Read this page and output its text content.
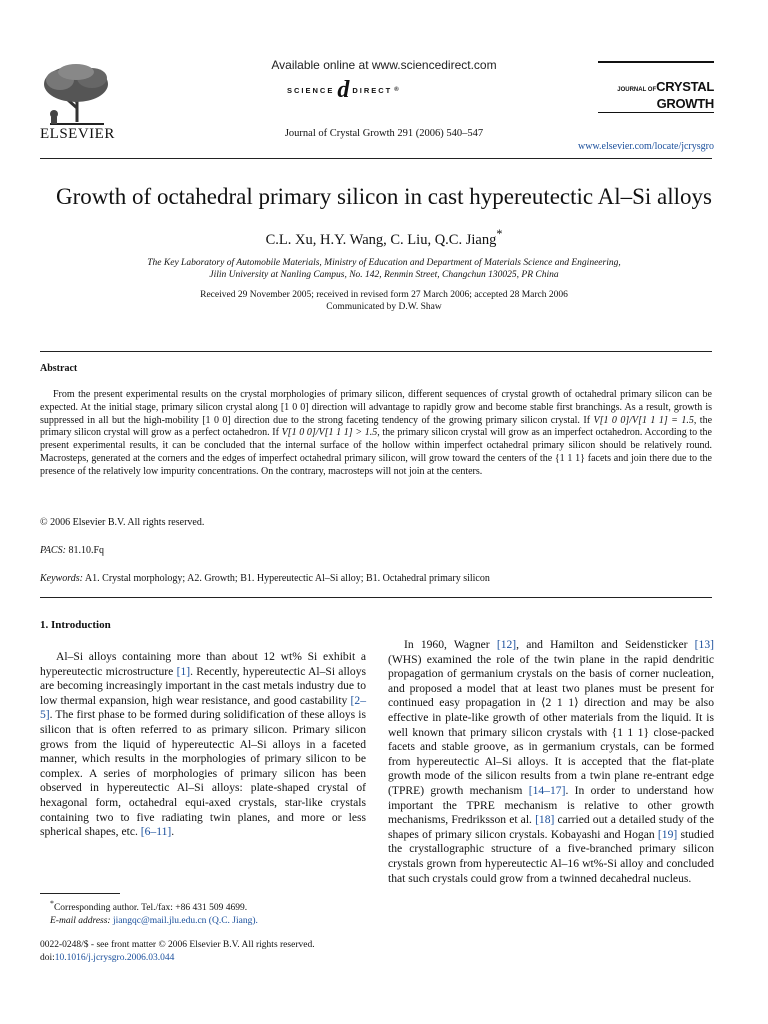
ELSEVIER
Available online at www.sciencedirect.com
SCIENCE d DIRECT ®
Journal of Crystal Growth 291 (2006) 540–547
JOURNAL OFCRYSTAL
GROWTH
www.elsevier.com/locate/jcrysgro
Growth of octahedral primary silicon in cast hypereutectic Al–Si alloys
C.L. Xu, H.Y. Wang, C. Liu, Q.C. Jiang*
The Key Laboratory of Automobile Materials, Ministry of Education and Department of Materials Science and Engineering,
Jilin University at Nanling Campus, No. 142, Renmin Street, Changchun 130025, PR China
Received 29 November 2005; received in revised form 27 March 2006; accepted 28 March 2006
Communicated by D.W. Shaw
Abstract

From the present experimental results on the crystal morphologies of primary silicon, different sequences of crystal growth of octahedral primary silicon can be expected. At the initial stage, primary silicon crystal along [1 0 0] direction will advantage to rapidly grow and become stable first branchings. As a result, growth is suppressed in all but the high-mobility [1 0 0] direction due to the strong faceting tendency of the growing primary silicon crystal. If V[1 0 0]/V[1 1 1] = 1.5, the primary silicon crystal will grow as a perfect octahedron. If V[1 0 0]/V[1 1 1] > 1.5, the primary silicon crystal will grow as an imperfect octahedron. According to the present experimental results, it can be concluded that the internal surface of the hollow within imperfect octahedral primary silicon should be relatively round. Macrosteps, generated at the corners and the edges of imperfect octahedral primary silicon, will grow toward the centers of the {1 1 1} facets and join there due to the presence of the relatively low impurity concentrations. On the contrary, macrosteps will not join at the centers.

© 2006 Elsevier B.V. All rights reserved.
PACS: 81.10.Fq
Keywords: A1. Crystal morphology; A2. Growth; B1. Hypereutectic Al–Si alloy; B1. Octahedral primary silicon
1. Introduction

Al–Si alloys containing more than about 12 wt% Si exhibit a hypereutectic microstructure [1]. Recently, hypereutectic Al–Si alloys are becoming increasingly important in the cast metals industry due to low thermal expansion, high wear resistance, and good castability [2–5]. The first phase to be formed during solidification of these alloys is silicon that is often referred to as primary silicon. Primary silicon grows from the liquid of hypereutectic Al–Si alloys in a faceted manner, which results in the morphologies of primary silicon to be complex. A series of morphologies of primary silicon has been observed in hypereutectic Al–Si alloys: plate-shaped crystal of hexagonal form, octahedral equi-axed crystals, star-like crystals containing two to five radiating twin planes, and more or less spherical shapes, etc. [6–11].

*Corresponding author. Tel./fax: +86 431 509 4699.
E-mail address: jiangqc@mail.jlu.edu.cn (Q.C. Jiang).
0022-0248/$ - see front matter © 2006 Elsevier B.V. All rights reserved.
doi:10.1016/j.jcrysgro.2006.03.044

In 1960, Wagner [12], and Hamilton and Seidensticker [13] (WHS) examined the role of the twin plane in the rapid dendritic propagation of germanium crystals on the basis of corner nucleation, and proposed a model that at least two planes must be present for continued easy propagation in ⟨2 1 1⟩ direction and may be also effective in plate-like growth of other materials from the liquid. It is well known that primary silicon crystals with {1 1 1} close-packed facets and stable groove, as in germanium crystals, can be formed from hypereutectic Al–Si alloys. It is accepted that the flat-plate growth mode of the silicon results from a twin plane re-entrant edge (TPRE) growth mechanism [14–17]. In order to understand how important the TPRE mechanism is relative to other growth mechanisms, Fredriksson et al. [18] carried out a detailed study of the shapes of primary silicon crystals. Kobayashi and Hogan [19] studied the crystallographic structure of a five-branched primary silicon crystals grown from hypereutectic Al–16 wt%-Si alloy and concluded that such crystals could grow from a twinned decahedral nucleus.
